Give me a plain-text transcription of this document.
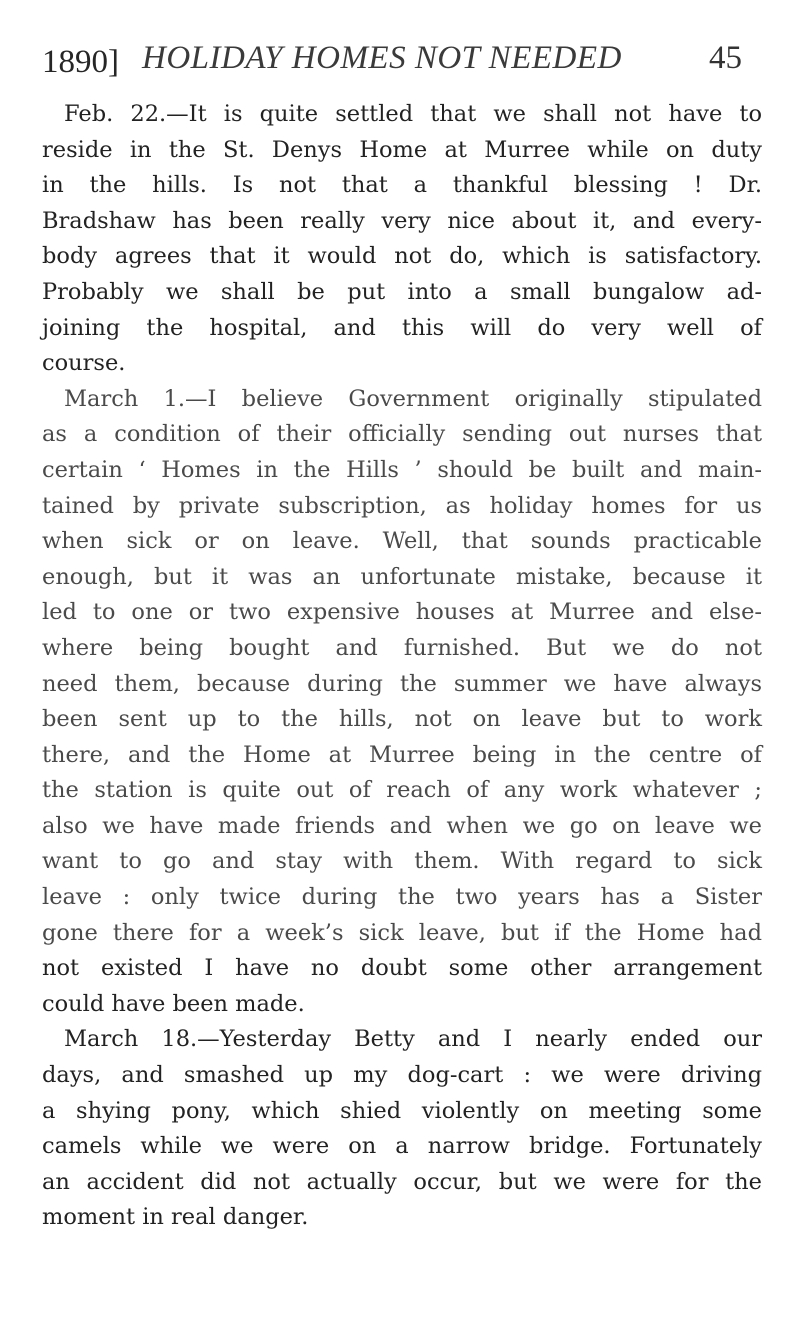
1890] HOLIDAY HOMES NOT NEEDED	45
Feb. 22.—It is quite settled that we shall not have to
reside in the St. Denys Home at Murree while on duty
in the hills. Is not that a thankful blessing ! Dr.
Bradshaw has been really very nice about it, and every-
body agrees that it would not do, which is satisfactory.
Probably we shall be put into a small bungalow ad-
joining the hospital, and this will do very well of
course.
March 1.—I believe Government originally stipulated
as a condition of their officially sending out nurses that
certain ‘ Homes in the Hills ’ should be built and main-
tained by private subscription, as holiday homes for us
when sick or on leave. Well, that sounds practicable
enough, but it was an unfortunate mistake, because it
led to one or two expensive houses at Murree and else-
where being bought and furnished. But we do not
need them, because during the summer we have always
been sent up to the hills, not on leave but to work
there, and the Home at Murree being in the centre of
the station is quite out of reach of any work whatever ;
also we have made friends and when we go on leave we
want to go and stay with them. With regard to sick
leave : only twice during the two years has a Sister
gone there for a week’s sick leave, but if the Home had
not existed I have no doubt some other arrangement
could have been made.
March 18.—Yesterday Betty and I nearly ended our
days, and smashed up my dog-cart : we were driving
a shying pony, which shied violently on meeting some
camels while we were on a narrow bridge. Fortunately
an accident did not actually occur, but we were for the
moment in real danger.
